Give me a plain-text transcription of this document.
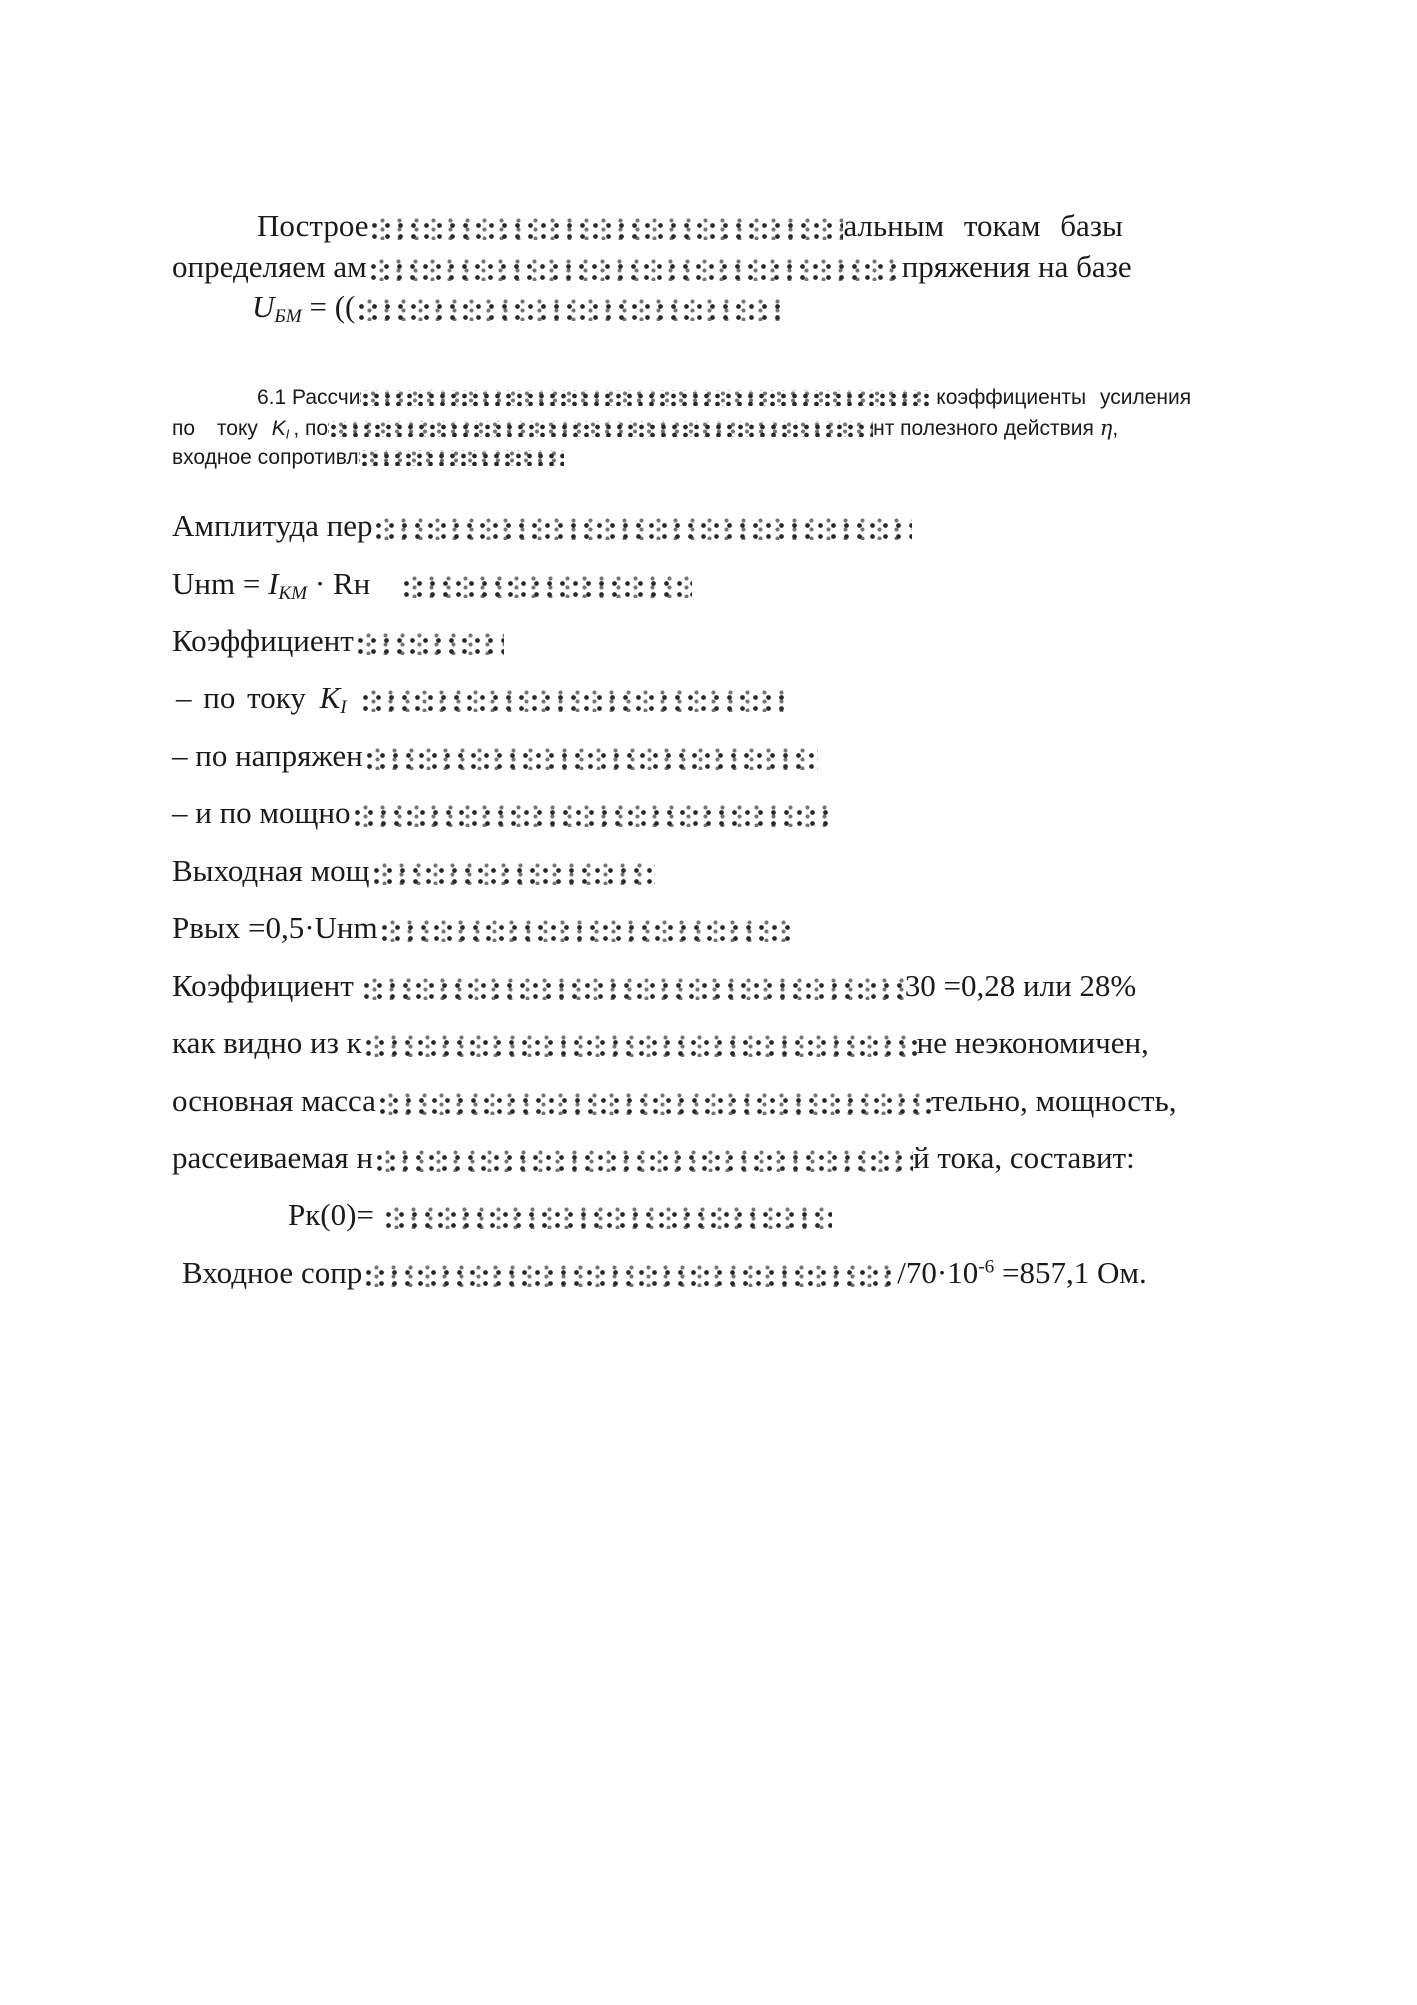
Построе	альным токам базы
определяем ам	пряжения на базе
$U_{БМ}$ = ((
6.1 Рассчи	коэффициенты усиления
по току $K_I$ , по	нт полезного действия η,
входное сопротивл
Амплитуда пер
Uнm = $I_{КМ}$ · Rн
Коэффициент
– по току $K_I$
– по напряжен
– и по мощно
Выходная мощ
Pвых =0,5·Uнm
Коэффициент	30 =0,28 или 28%
как видно из к	не неэкономичен,
основная масса	тельно, мощность,
рассеиваемая н	й тока, составит:
Pк(0)=
Входное сопр	$/70\cdot 10^{-6} =857,1$ Ом.
